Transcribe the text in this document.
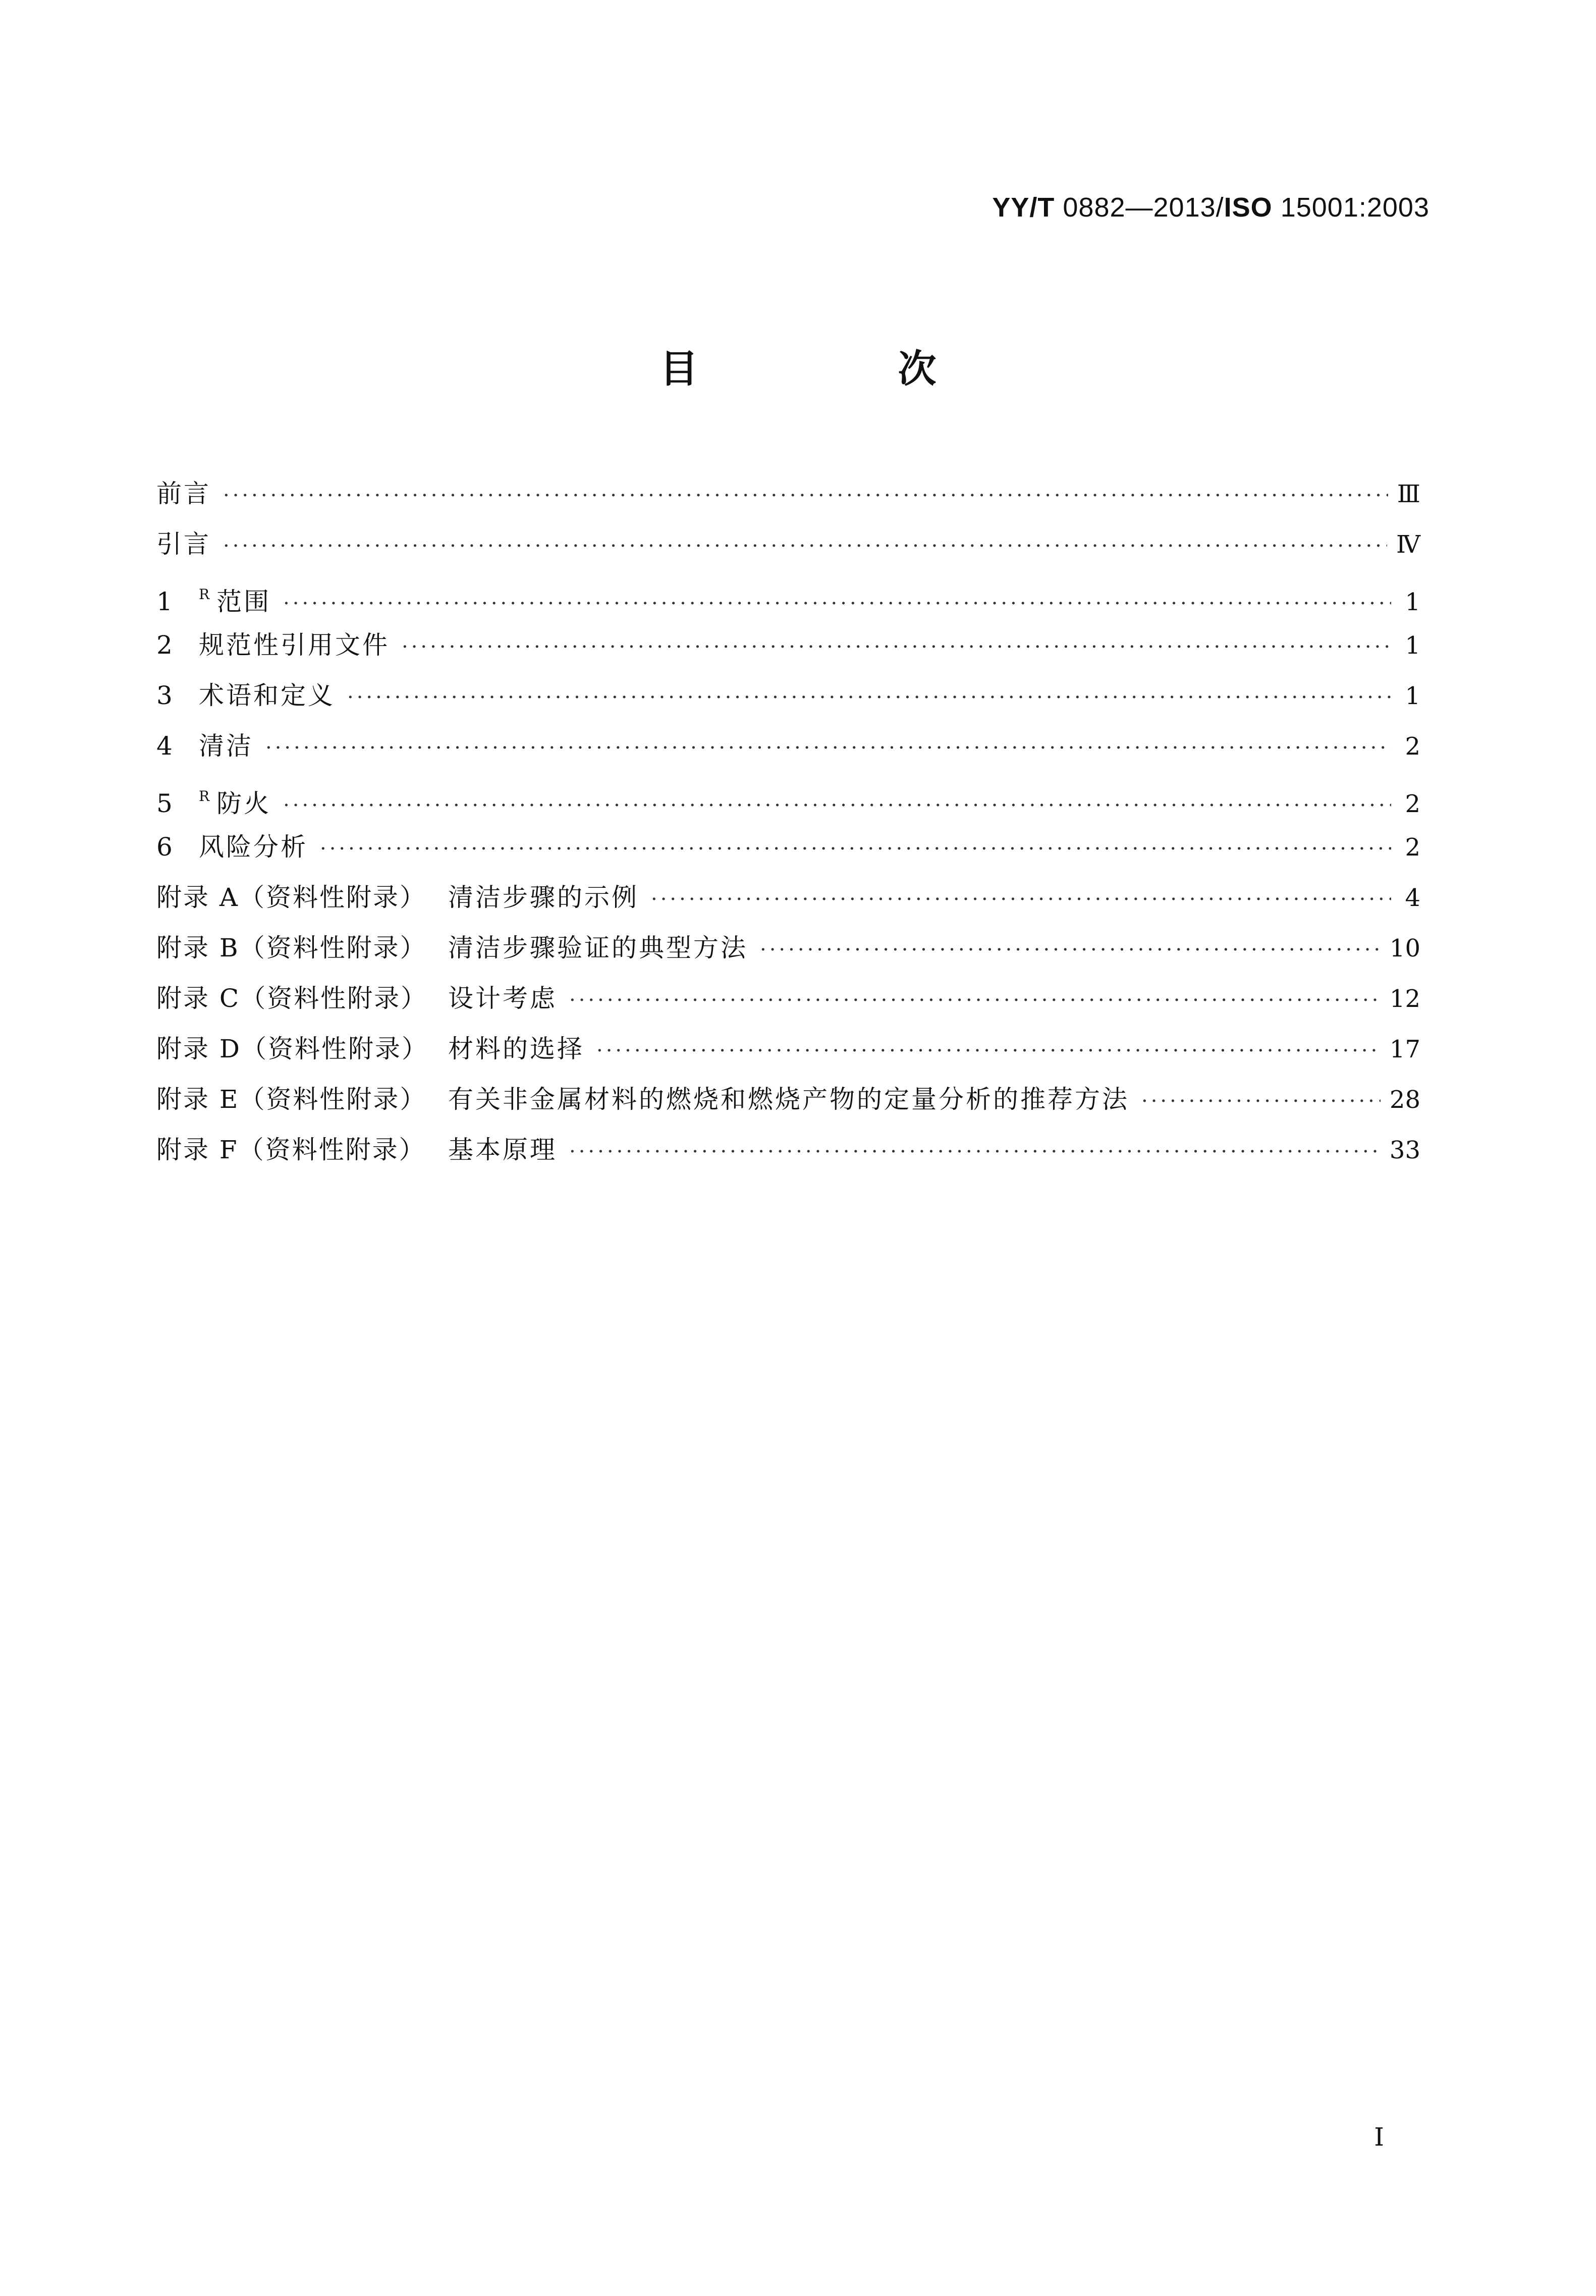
YY/T 0882—2013/ISO 15001:2003
目　次
前言 ·····	Ⅲ
引言 ·····	Ⅳ
1	$^R$ 范围 ·····	1
2	规范性引用文件 ·····	1
3	术语和定义 ·····	1
4	清洁 ·····	2
5	$^R$ 防火 ·····	2
6	风险分析 ·····	2
附录 A（资料性附录） 清洁步骤的示例 ·····	4
附录 B（资料性附录） 清洁步骤验证的典型方法 ·····	10
附录 C（资料性附录） 设计考虑 ·····	12
附录 D（资料性附录） 材料的选择 ·····	17
附录 E（资料性附录） 有关非金属材料的燃烧和燃烧产物的定量分析的推荐方法 ·····	28
附录 F（资料性附录） 基本原理 ·····	33
I
